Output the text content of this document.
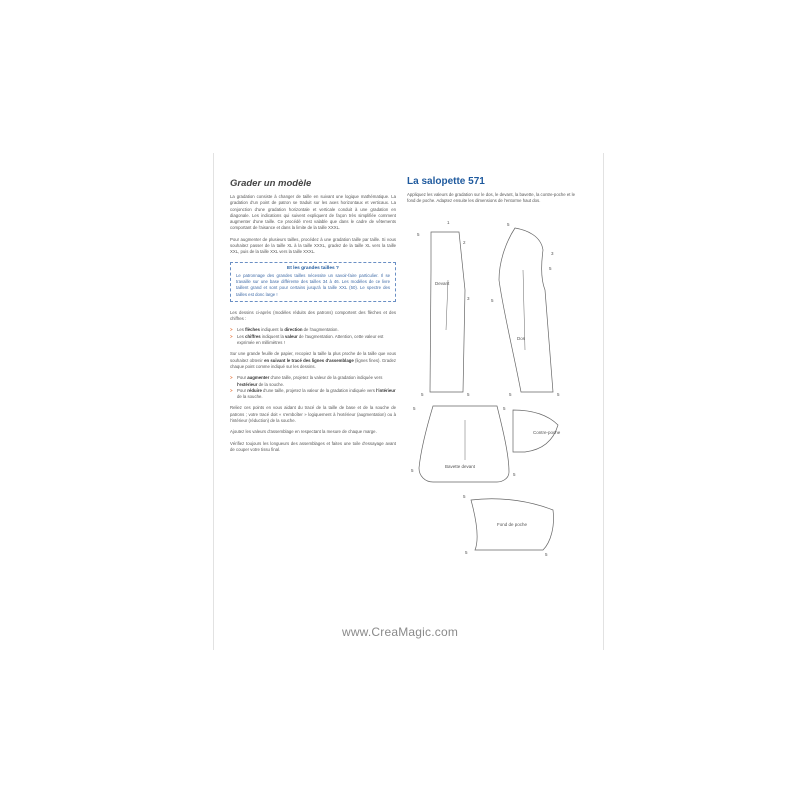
Grader un modèle

La gradation consiste à changer de taille en suivant une logique mathématique. La gradation d'un point de patron se traduit sur les axes horizontaux et verticaux. La conjonction d'une gradation horizontale et verticale conduit à une gradation en diagonale. Les indications qui suivent expliquent de façon très simplifiée comment augmenter d'une taille. Ce procédé n'est valable que dans le cadre de vêtements comportant de l'aisance et dans la limite de la taille XXXL.

Pour augmenter de plusieurs tailles, procédez à une gradation taille par taille. Si vous souhaitez passer de la taille XL à la taille XXXL, gradez de la taille XL vers la taille XXL, puis de la taille XXL vers la taille XXXL.

Et les grandes tailles ?

Le patronnage des grandes tailles nécessite un savoir-faire particulier. Il se travaille sur une base différente des tailles 34 à 46. Les modèles de ce livre taillent grand et sont pour certains jusqu'à la taille XXL (50). Le spectre des tailles est donc large !

Les dessins ci-après (modèles réduits des patrons) comportent des flèches et des chiffres :

> Les flèches indiquent la direction de l'augmentation.
> Les chiffres indiquent la valeur de l'augmentation. Attention, cette valeur est exprimée en millimètres !

Sur une grande feuille de papier, recopiez la taille la plus proche de la taille que vous souhaitez obtenir en suivant le tracé des lignes d'assemblage (lignes fines). Gradez chaque point comme indiqué sur les dessins.

> Pour augmenter d'une taille, projetez la valeur de la gradation indiquée vers l'extérieur de la souche.
> Pour réduire d'une taille, projetez la valeur de la gradation indiquée vers l'intérieur de la souche.

Reliez ces points en vous aidant du tracé de la taille de base et de la souche de patrons ; votre tracé doit « s'emboîter » logiquement à l'extérieur (augmentation) ou à l'intérieur (réduction) de la souche.

Ajoutez les valeurs d'assemblage en respectant la mesure de chaque marge.

Vérifiez toujours les longueurs des assemblages et faites une toile d'essayage avant de couper votre tissu final.

La salopette 571

Appliquez les valeurs de gradation sur le dos, le devant, la bavette, la contre-poche et le fond de poche. Adaptez ensuite les dimensions de l'entorme haut dos.

Devant
Dos
Bavette devant
Contre-poche
Fond de poche
5
1
2
3
5
5
5
3
5
5
5	5
5	5
5
5
5
5	5
www.CreaMagic.com
